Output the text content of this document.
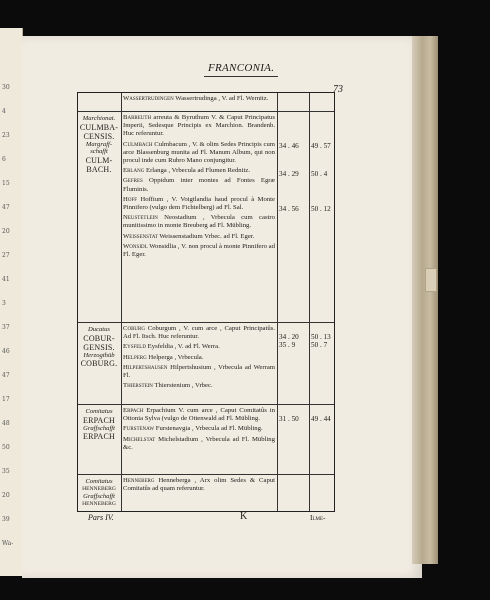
30
4
23
6
15
47
20
27
41
3
37
46
47
17
48
50
35
20
39
Wa-
FRANCONIA.
73
Wassertrudingen Wassertrudinga , V. ad Fl. Wernitz.
Marchionat.
CULMBA-
CENSIS.
Margraff-
schafft
CULM-
BACH.
Barreuth arreuta & Byruthum V. & Caput Principatus Imperii, Sedesque Principis ex Marchion. Brandenb. Huc referuntur.
Culmbach Culmbacum , V. & olim Sedes Principis cum arce Blassenburg munita ad Fl. Manum Album, qui non procul inde cum Rubro Mano conjungitur.
Erlang Erlanga , Vrbecula ad Flumen Rednitz.
Gefres Oppidum inter montes ad Fontes Egræ Fluminis.
Hoff Hoffium , V. Voigtlandia haud procul à Monte Pinnifero (vulgo dem Fichtelberg) ad Fl. Sal.
Neustetlein Neostadium , Vrbecula cum castro munitissimo in monte Breuberg ad Fl. Mübling.
Weissenstat Weissenstadium Vrbec. ad Fl. Eger.
Wonsidl Wonsidlia , V. non procul à monte Pinnifero ad Fl. Eger.
34 . 46 49 . 57
34 . 29 50 . 4
34 . 56 50 . 12
35 . 9 50 . 7
Ducatus
COBUR-
GENSIS.
Herzogthüb
COBURG.
Coburg Coburgum , V. cum arce , Caput Principatûs. Ad Fl. Itsch. Huc referuntur.
Eysfeld Eysfeldia , V. ad Fl. Werra.
Helperg Helperga , Vrbecula.
Hilpertshausen Hilpertshusium , Vrbecula ad Werram Fl.
Thierstein Thierstenium , Vrbec.
34 . 20 50 . 13
Comitatus
ERPACH
Graffschafft
ERPACH
Erpach Erpachium V. cum arce , Caput Comitatûs in Ottonia Sylva (vulgo de Ottenwald ad Fl. Mübling.
Furstenaw Furstenavgia , Vrbecula ad Fl. Mübling.
Michelstat Michelstadium , Vrbecula ad Fl. Mübling &c.
31 . 50 49 . 44
Comitatus
HENNEBERG
Graffschafft
HENNEBERG
Henneberg Henneberga , Arx olim Sedes & Caput Comitatûs ad quam referuntur.
Pars IV.	K	Ilme-
